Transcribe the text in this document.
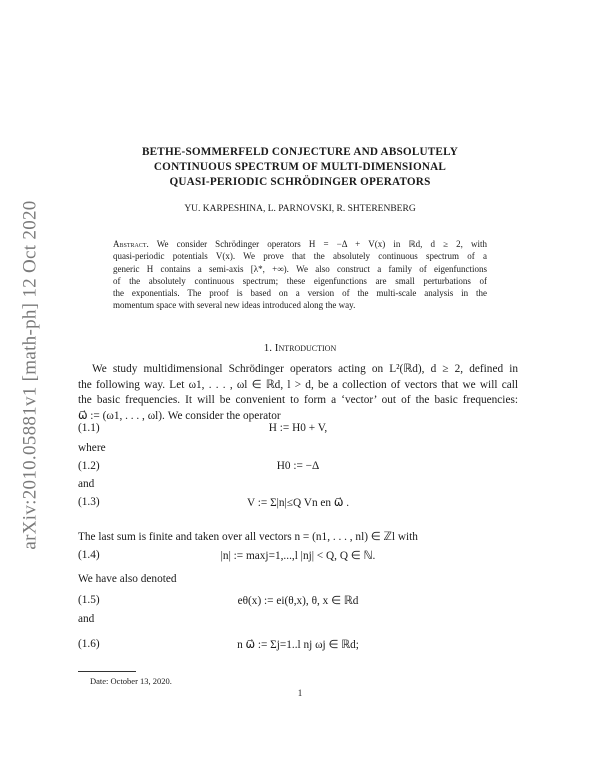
arXiv:2010.05881v1 [math-ph] 12 Oct 2020
BETHE-SOMMERFELD CONJECTURE AND ABSOLUTELY
CONTINUOUS SPECTRUM OF MULTI-DIMENSIONAL
QUASI-PERIODIC SCHRÖDINGER OPERATORS
YU. KARPESHINA, L. PARNOVSKI, R. SHTERENBERG
Abstract. We consider Schrödinger operators H = −Δ + V(x) in ℝd, d ≥ 2, with
quasi-periodic potentials V(x). We prove that the absolutely continuous spectrum of a
generic H contains a semi-axis [λ*, +∞). We also construct a family of eigenfunctions
of the absolutely continuous spectrum; these eigenfunctions are small perturbations of
the exponentials. The proof is based on a version of the multi-scale analysis in the
momentum space with several new ideas introduced along the way.
1. Introduction
We study multidimensional Schrödinger operators acting on L²(ℝd), d ≥ 2, defined in
the following way. Let ω1, . . . , ωl ∈ ℝd, l > d, be a collection of vectors that we will call
the basic frequencies. It will be convenient to form a ‘vector’ out of the basic frequencies:
ω⃗ := (ω1, . . . , ωl). We consider the operator
(1.1)	H := H0 + V,
where
(1.2)	H0 := −Δ
and
(1.3)	V := Σ|n|≤Q Vn en ω⃗ .
The last sum is finite and taken over all vectors n = (n1, . . . , nl) ∈ ℤl with
(1.4)	|n| := maxj=1,...,l |nj| < Q, Q ∈ ℕ.
We have also denoted
(1.5)	eθ(x) := ei(θ,x), θ, x ∈ ℝd
and
(1.6)	n ω⃗ := Σj=1..l nj ωj ∈ ℝd;
Date: October 13, 2020.
1
